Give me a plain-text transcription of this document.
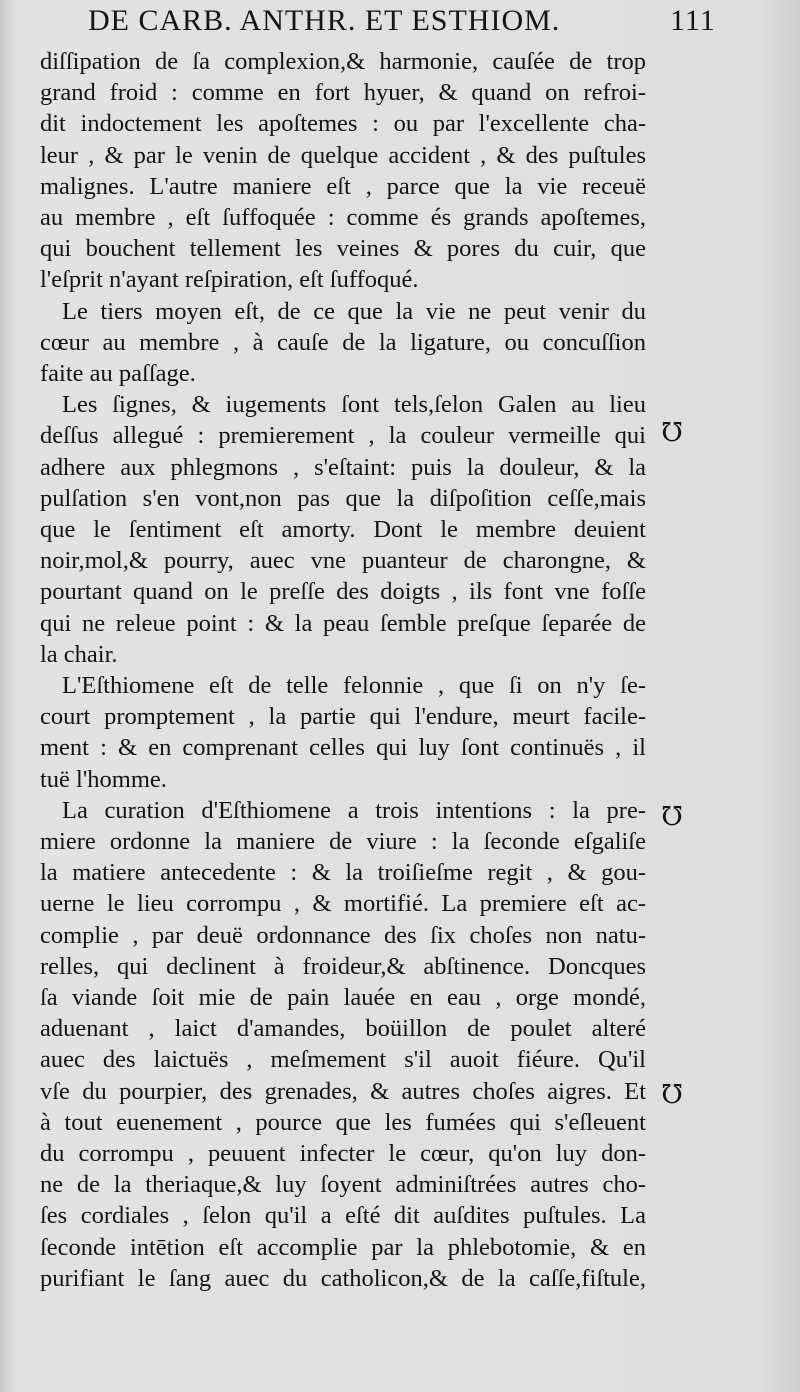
DE CARB. ANTHR. ET ESTHIOM.	111
diſſipation de ſa complexion,& harmonie, cauſée de trop
grand froid : comme en fort hyuer, & quand on refroi-
dit indoctement les apoſtemes : ou par l'excellente cha-
leur , & par le venin de quelque accident , & des puſtules
malignes. L'autre maniere eſt , parce que la vie receuë
au membre , eſt ſuffoquée : comme és grands apoſtemes,
qui bouchent tellement les veines & pores du cuir, que
l'eſprit n'ayant reſpiration, eſt ſuffoqué.
Le tiers moyen eſt, de ce que la vie ne peut venir du
cœur au membre , à cauſe de la ligature, ou concuſſion
faite au paſſage.
Les ſignes, & iugements ſont tels,ſelon Galen au lieu
deſſus allegué : premierement , la couleur vermeille qui
adhere aux phlegmons , s'eſtaint: puis la douleur, & la
pulſation s'en vont,non pas que la diſpoſition ceſſe,mais
que le ſentiment eſt amorty. Dont le membre deuient
noir,mol,& pourry, auec vne puanteur de charongne, &
pourtant quand on le preſſe des doigts , ils font vne foſſe
qui ne releue point : & la peau ſemble preſque ſeparée de
la chair.
L'Eſthiomene eſt de telle felonnie , que ſi on n'y ſe-
court promptement , la partie qui l'endure, meurt facile-
ment : & en comprenant celles qui luy ſont continuës , il
tuë l'homme.
La curation d'Eſthiomene a trois intentions : la pre-
miere ordonne la maniere de viure : la ſeconde eſgaliſe
la matiere antecedente : & la troiſieſme regit , & gou-
uerne le lieu corrompu , & mortifié. La premiere eſt ac-
complie , par deuë ordonnance des ſix choſes non natu-
relles, qui declinent à froideur,& abſtinence. Doncques
ſa viande ſoit mie de pain lauée en eau , orge mondé,
aduenant , laict d'amandes, boüillon de poulet alteré
auec des laictuës , meſmement s'il auoit fiéure. Qu'il
vſe du pourpier, des grenades, & autres choſes aigres. Et
à tout euenement , pource que les fumées qui s'eſleuent
du corrompu , peuuent infecter le cœur, qu'on luy don-
ne de la theriaque,& luy ſoyent adminiſtrées autres cho-
ſes cordiales , ſelon qu'il a eſté dit auſdites puſtules. La
ſeconde intētion eſt accomplie par la phlebotomie, & en
purifiant le ſang auec du catholicon,& de la caſſe,fiſtule,
℧
℧
℧
